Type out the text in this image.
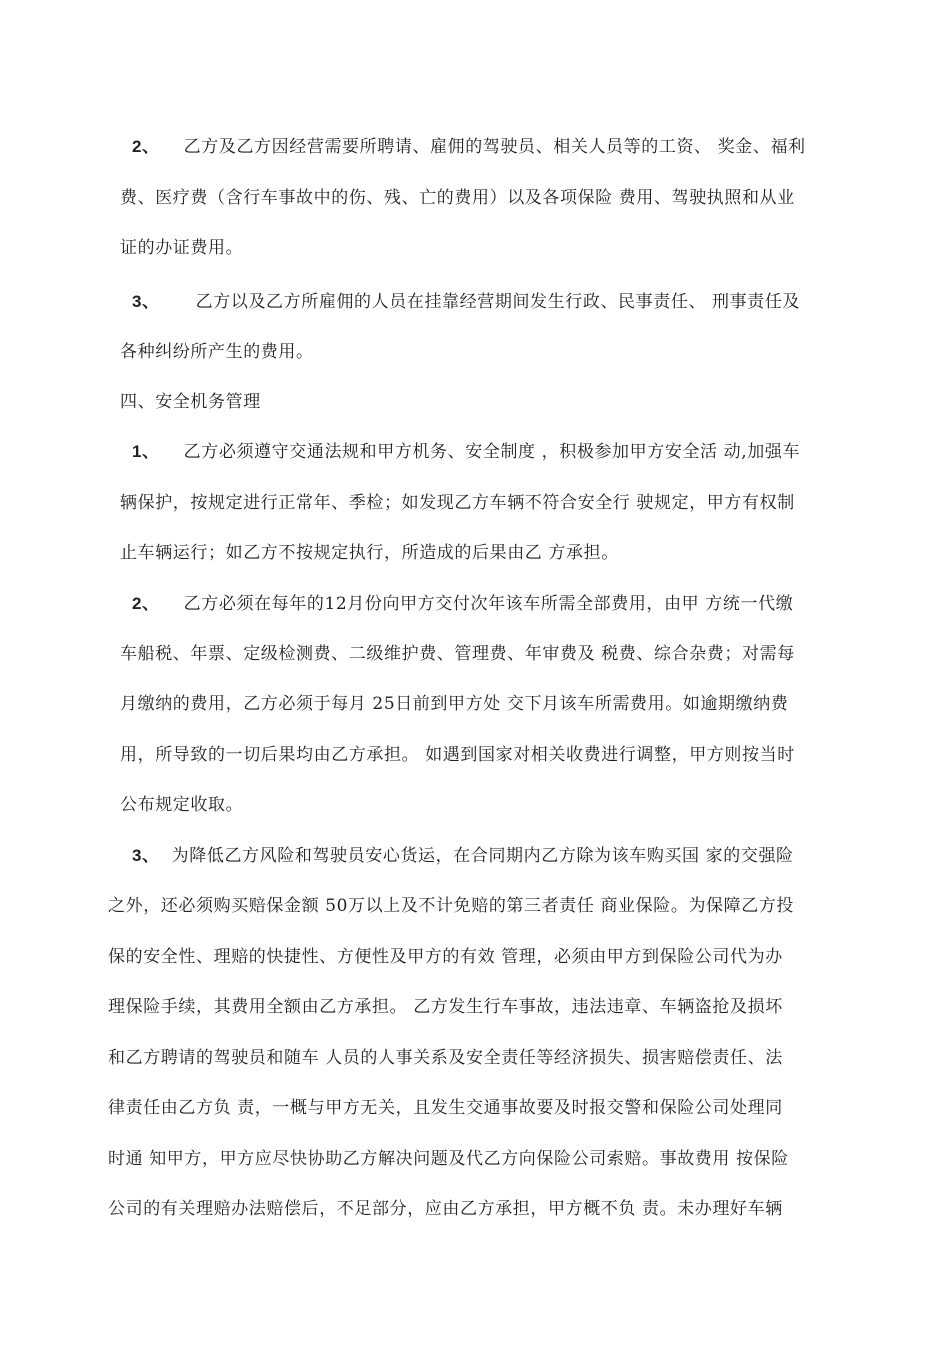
2、 乙方及乙方因经营需要所聘请、雇佣的驾驶员、相关人员等的工资、 奖金、福利
费、医疗费（含行车事故中的伤、残、亡的费用）以及各项保险 费用、驾驶执照和从业
证的办证费用。
3、 乙方以及乙方所雇佣的人员在挂靠经营期间发生行政、民事责任、 刑事责任及
各种纠纷所产生的费用。
四、安全机务管理
1、 乙方必须遵守交通法规和甲方机务、安全制度 ，积极参加甲方安全活 动,加强车
辆保护，按规定进行正常年、季检；如发现乙方车辆不符合安全行 驶规定，甲方有权制
止车辆运行；如乙方不按规定执行，所造成的后果由乙 方承担。
2、 乙方必须在每年的12月份向甲方交付次年该车所需全部费用，由甲 方统一代缴
车船税、年票、定级检测费、二级维护费、管理费、年审费及 税费、综合杂费；对需每
月缴纳的费用，乙方必须于每月 25日前到甲方处 交下月该车所需费用。如逾期缴纳费
用，所导致的一切后果均由乙方承担。 如遇到国家对相关收费进行调整，甲方则按当时
公布规定收取。
3、 为降低乙方风险和驾驶员安心货运，在合同期内乙方除为该车购买国 家的交强险
之外，还必须购买赔保金额 50万以上及不计免赔的第三者责任 商业保险。为保障乙方投
保的安全性、理赔的快捷性、方便性及甲方的有效 管理，必须由甲方到保险公司代为办
理保险手续，其费用全额由乙方承担。 乙方发生行车事故，违法违章、车辆盗抢及损坏
和乙方聘请的驾驶员和随车 人员的人事关系及安全责任等经济损失、损害赔偿责任、法
律责任由乙方负 责，一概与甲方无关，且发生交通事故要及时报交警和保险公司处理同
时通 知甲方，甲方应尽快协助乙方解决问题及代乙方向保险公司索赔。事故费用 按保险
公司的有关理赔办法赔偿后，不足部分，应由乙方承担，甲方概不负 责。未办理好车辆
